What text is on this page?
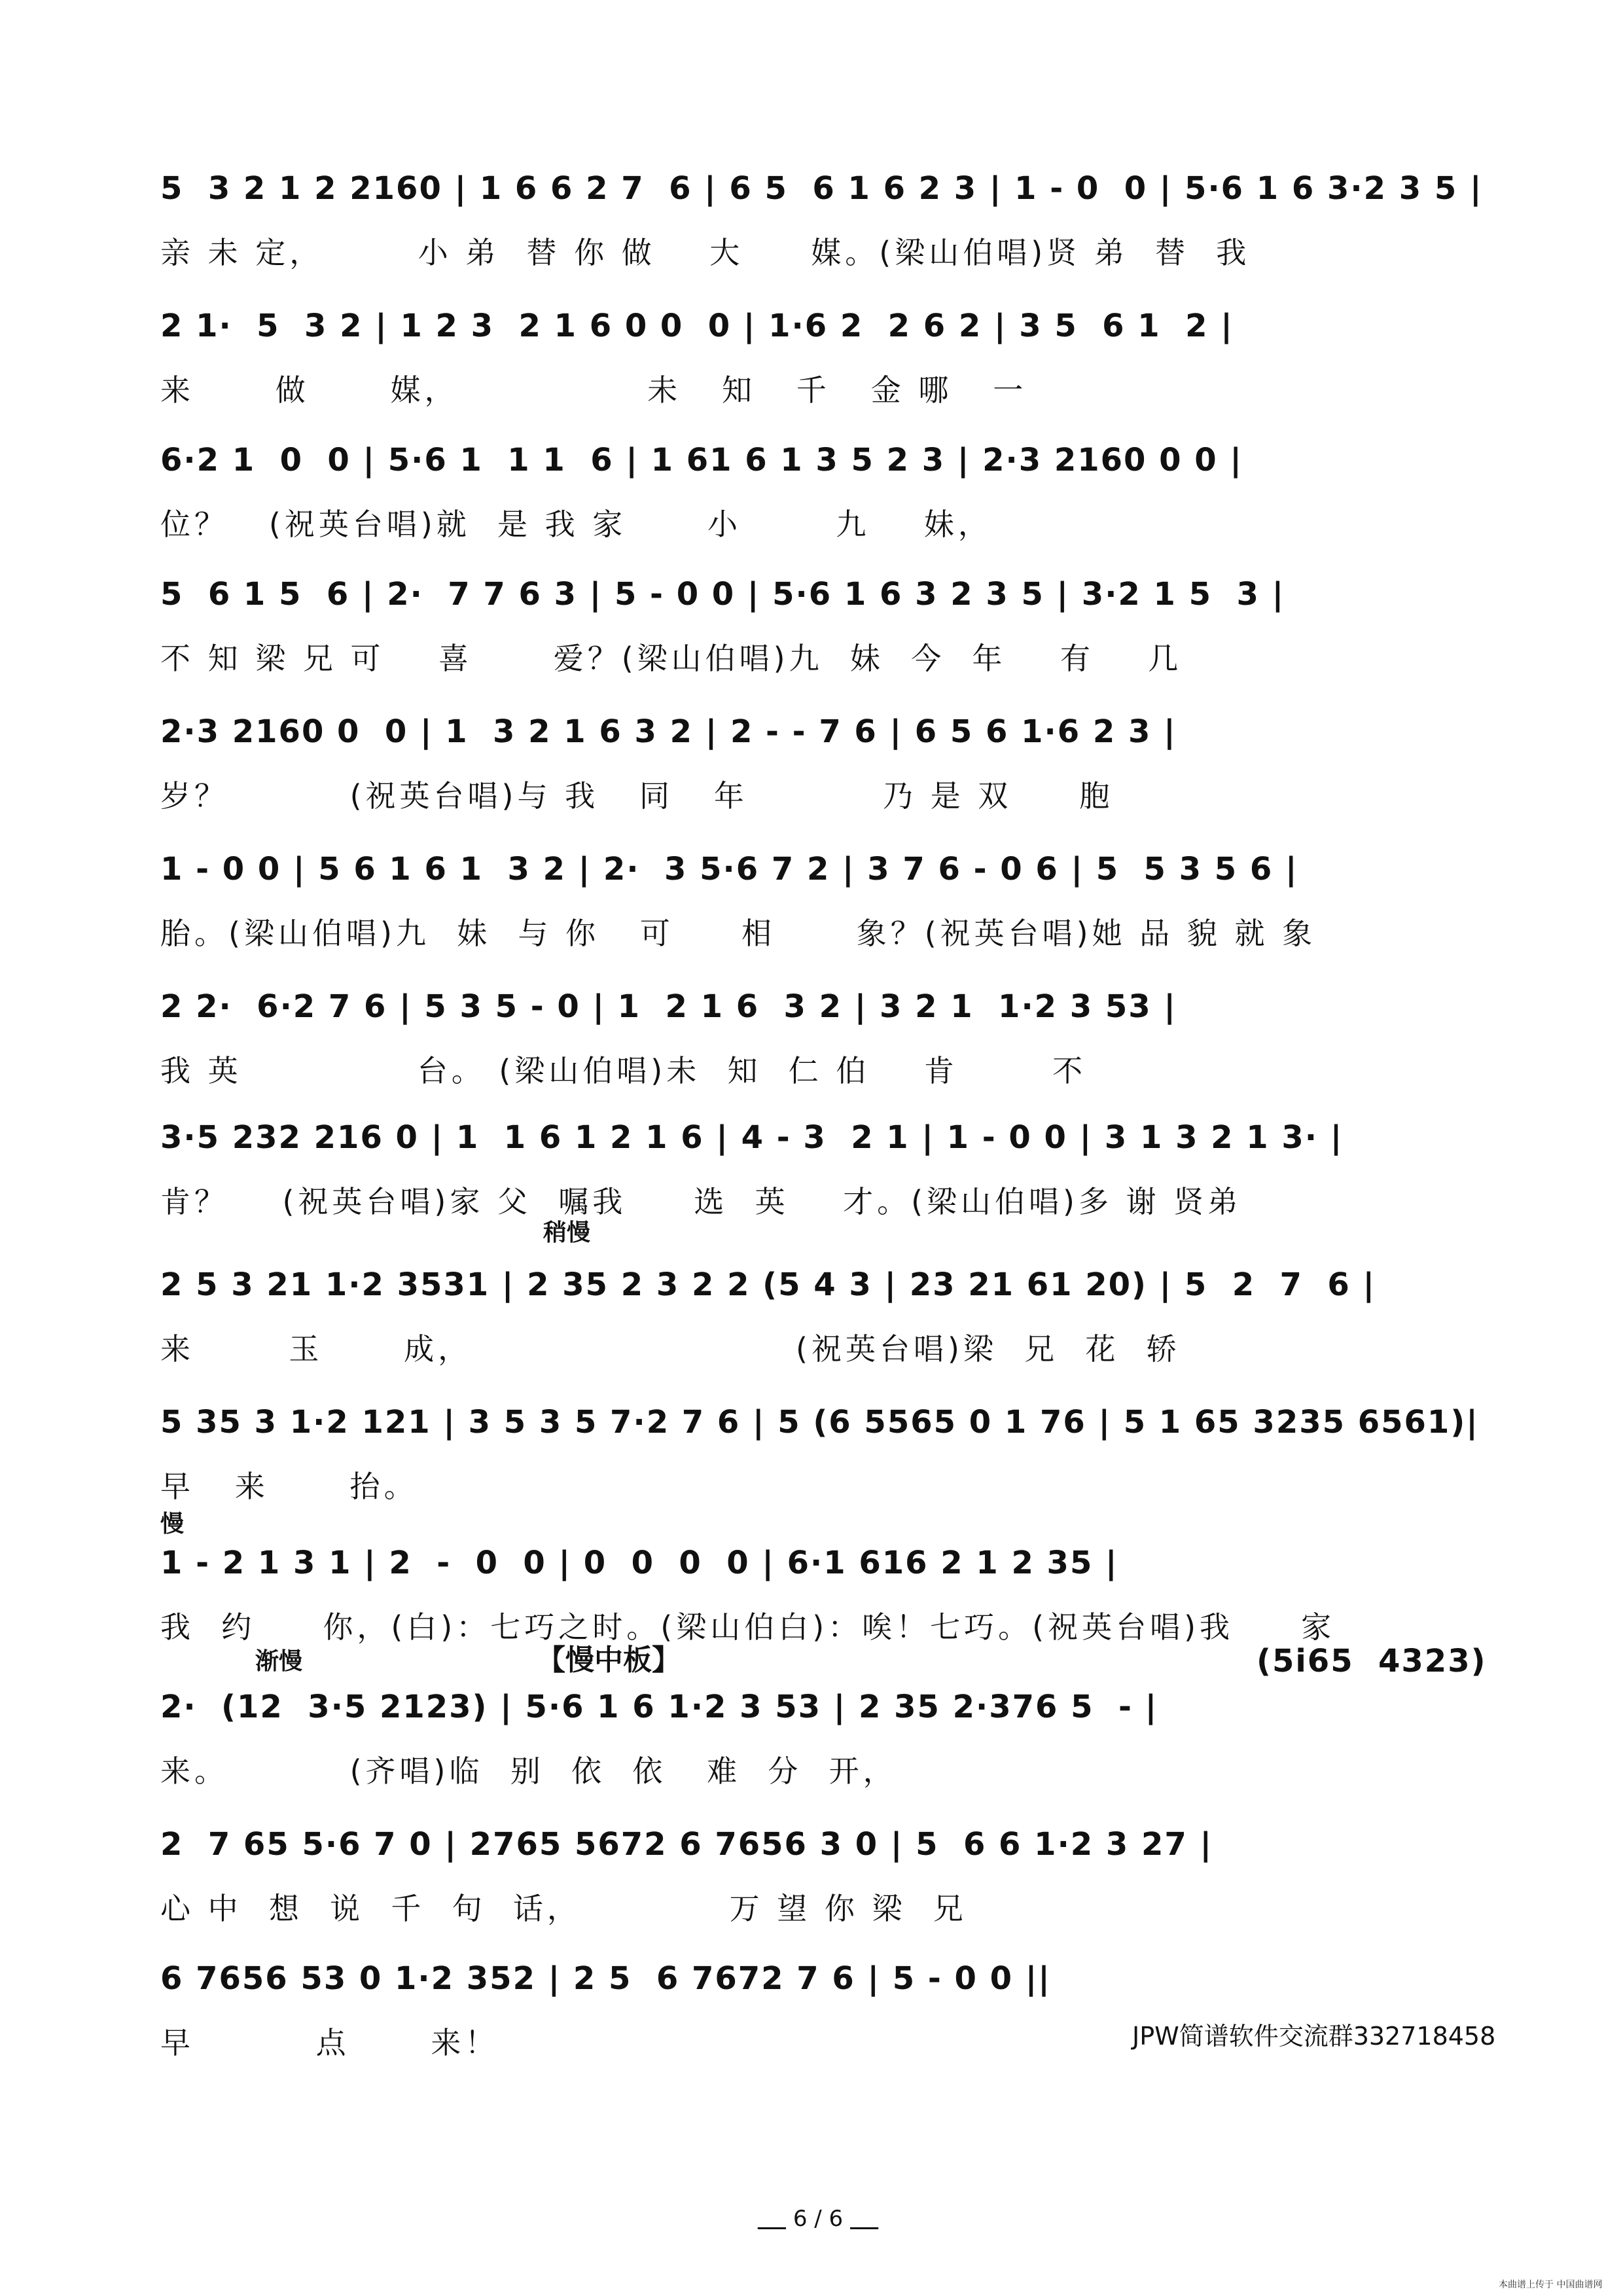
5  3 2 1 2 2160 | 1 6 6 2 7  6 | 6 5  6 1 6 2 3 | 1 - 0  0 | 5·6 1 6 3·2 3 5 |
亲 未 定，       小 弟  替 你 做    大     媒。(梁山伯唱)贤 弟  替  我
2 1·  5  3 2 | 1 2 3  2 1 6 0 0  0 | 1·6 2  2 6 2 | 3 5  6 1  2 |
来      做      媒，              未   知   千   金 哪   一
6·2 1  0  0 | 5·6 1  1 1  6 | 1 61 6 1 3 5 2 3 | 2·3 2160 0 0 |
位？   (祝英台唱)就  是 我 家      小       九    妹，
5  6 1 5  6 | 2·  7 7 6 3 | 5 - 0 0 | 5·6 1 6 3 2 3 5 | 3·2 1 5  3 |
不 知 梁 兄 可    喜      爱？(梁山伯唱)九  妹  今  年    有    几
2·3 2160 0  0 | 1  3 2 1 6 3 2 | 2 - - 7 6 | 6 5 6 1·6 2 3 |
岁？         (祝英台唱)与 我   同   年          乃 是 双     胞
1 - 0 0 | 5 6 1 6 1  3 2 | 2·  3 5·6 7 2 | 3 7 6 - 0 6 | 5  5 3 5 6 |
胎。(梁山伯唱)九  妹  与 你   可     相      象？(祝英台唱)她 品 貌 就 象
2 2·  6·2 7 6 | 5 3 5 - 0 | 1  2 1 6  3 2 | 3 2 1  1·2 3 53 |
我 英             台。 (梁山伯唱)未  知  仁 伯    肯       不
3·5 232 216 0 | 1  1 6 1 2 1 6 | 4 - 3  2 1 | 1 - 0 0 | 3 1 3 2 1 3· |
肯？    (祝英台唱)家 父  嘱我     选  英    才。(梁山伯唱)多 谢 贤弟
稍慢
2 5 3 21 1·2 3531 | 2 35 2 3 2 2 (5 4 3 | 23 21 61 20) | 5  2  7  6 |
来       玉      成，                        (祝英台唱)梁  兄  花  轿
5 35 3 1·2 121 | 3 5 3 5 7·2 7 6 | 5 (6 5565 0 1 76 | 5 1 65 3235 6561)|
早   来      抬。
慢
1 - 2 1 3 1 | 2  -  0  0 | 0  0  0  0 | 6·1 616 2 1 2 35 |
我  约     你，(白)：七巧之时。(梁山伯白)：唉！七巧。(祝英台唱)我     家
渐慢	【慢中板】	(5i65  4323)
2·  (12  3·5 2123) | 5·6 1 6 1·2 3 53 | 2 35 2·376 5  - |
来。         (齐唱)临  别  依  依   难  分  开，
2  7 65 5·6 7 0 | 2765 5672 6 7656 3 0 | 5  6 6 1·2 3 27 |
心 中  想  说  千  句  话，           万 望 你 梁  兄
6 7656 53 0 1·2 352 | 2 5  6 7672 7 6 | 5 - 0 0 ||
早         点      来！	JPW简谱软件交流群332718458
6 / 6
本曲谱上传于 中国曲谱网
